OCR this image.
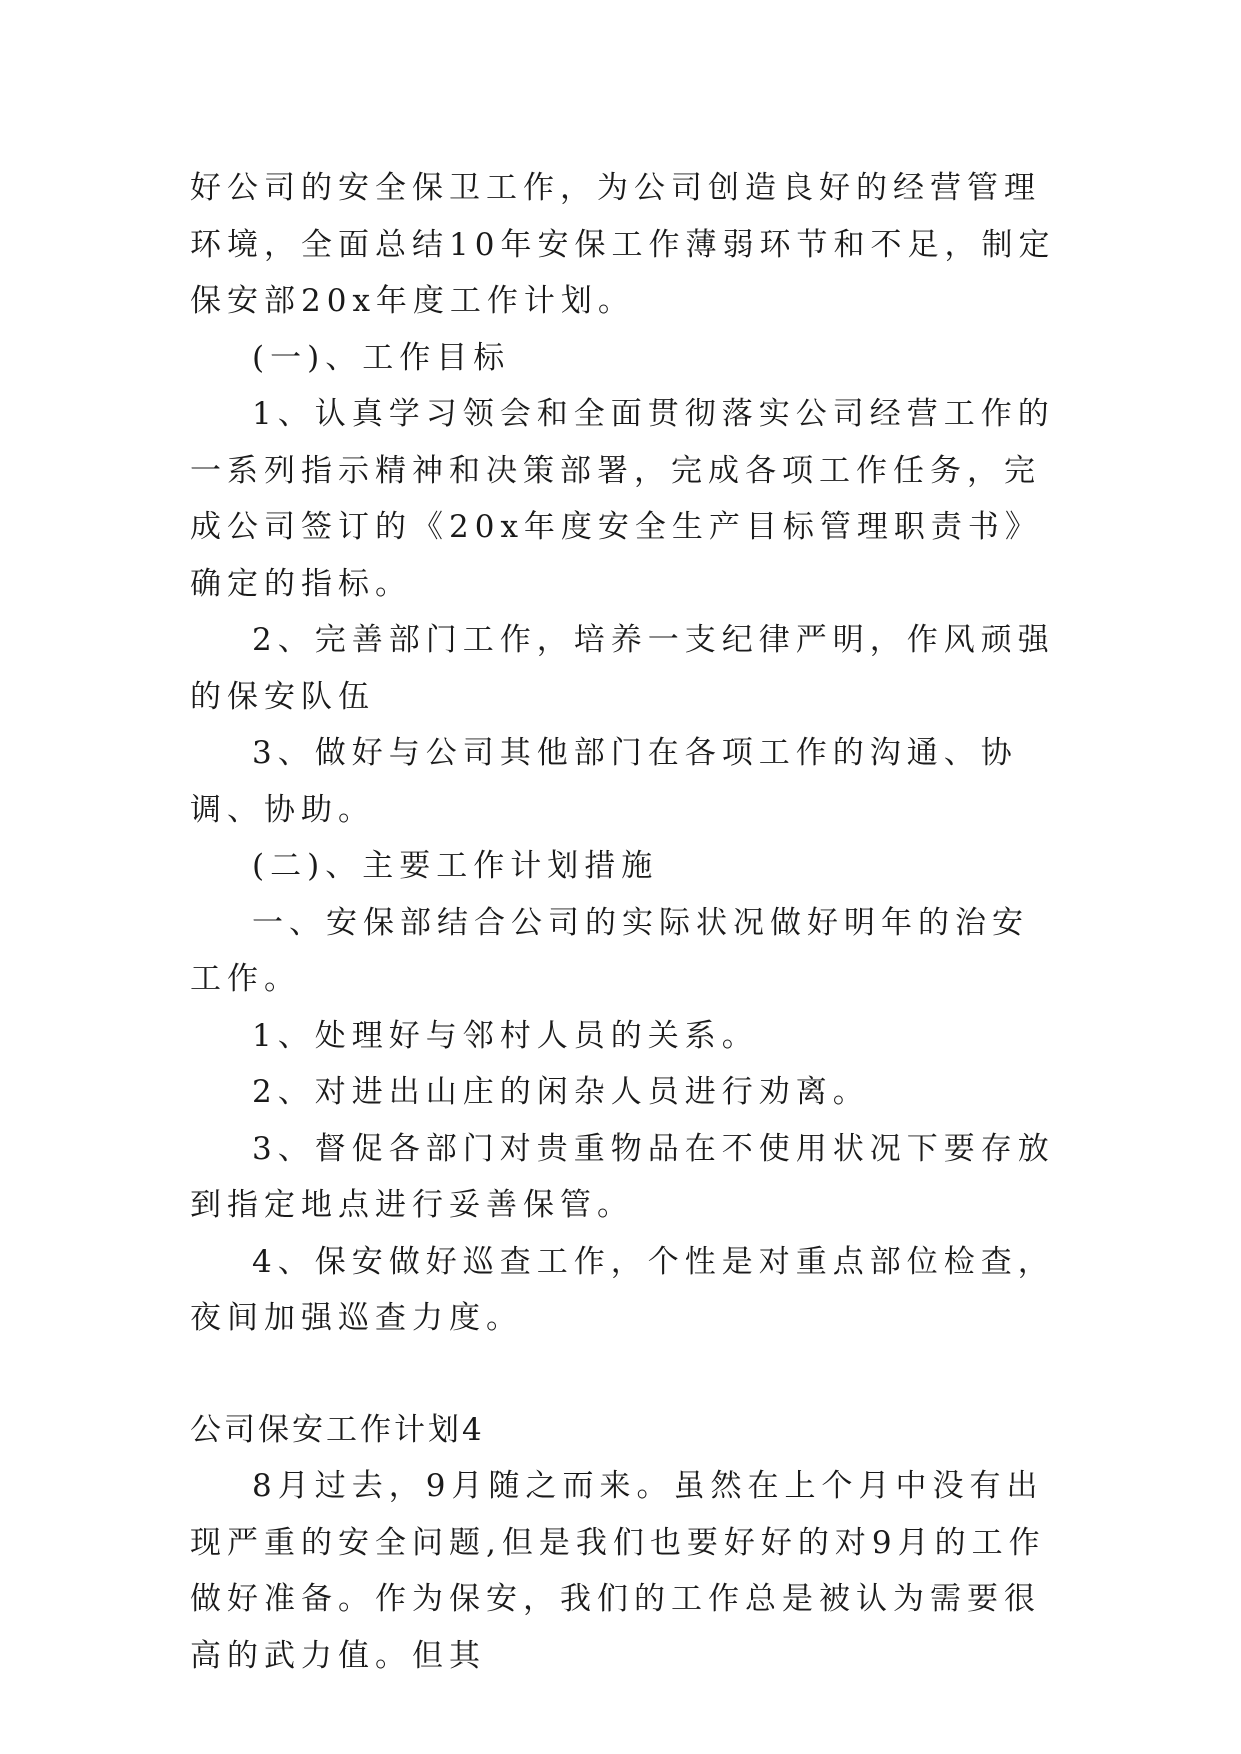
好公司的安全保卫工作，为公司创造良好的经营管理环境，全面总结10年安保工作薄弱环节和不足，制定保安部20x年度工作计划。

(一)、工作目标

1、认真学习领会和全面贯彻落实公司经营工作的一系列指示精神和决策部署，完成各项工作任务，完成公司签订的《20x年度安全生产目标管理职责书》确定的指标。

2、完善部门工作，培养一支纪律严明，作风顽强的保安队伍

3、做好与公司其他部门在各项工作的沟通、协调、协助。

(二)、主要工作计划措施

一、安保部结合公司的实际状况做好明年的治安工作。

1、处理好与邻村人员的关系。

2、对进出山庄的闲杂人员进行劝离。

3、督促各部门对贵重物品在不使用状况下要存放到指定地点进行妥善保管。

4、保安做好巡查工作，个性是对重点部位检查，夜间加强巡查力度。

公司保安工作计划4

8月过去，9月随之而来。虽然在上个月中没有出现严重的安全问题,但是我们也要好好的对9月的工作做好准备。作为保安，我们的工作总是被认为需要很高的武力值。但其
